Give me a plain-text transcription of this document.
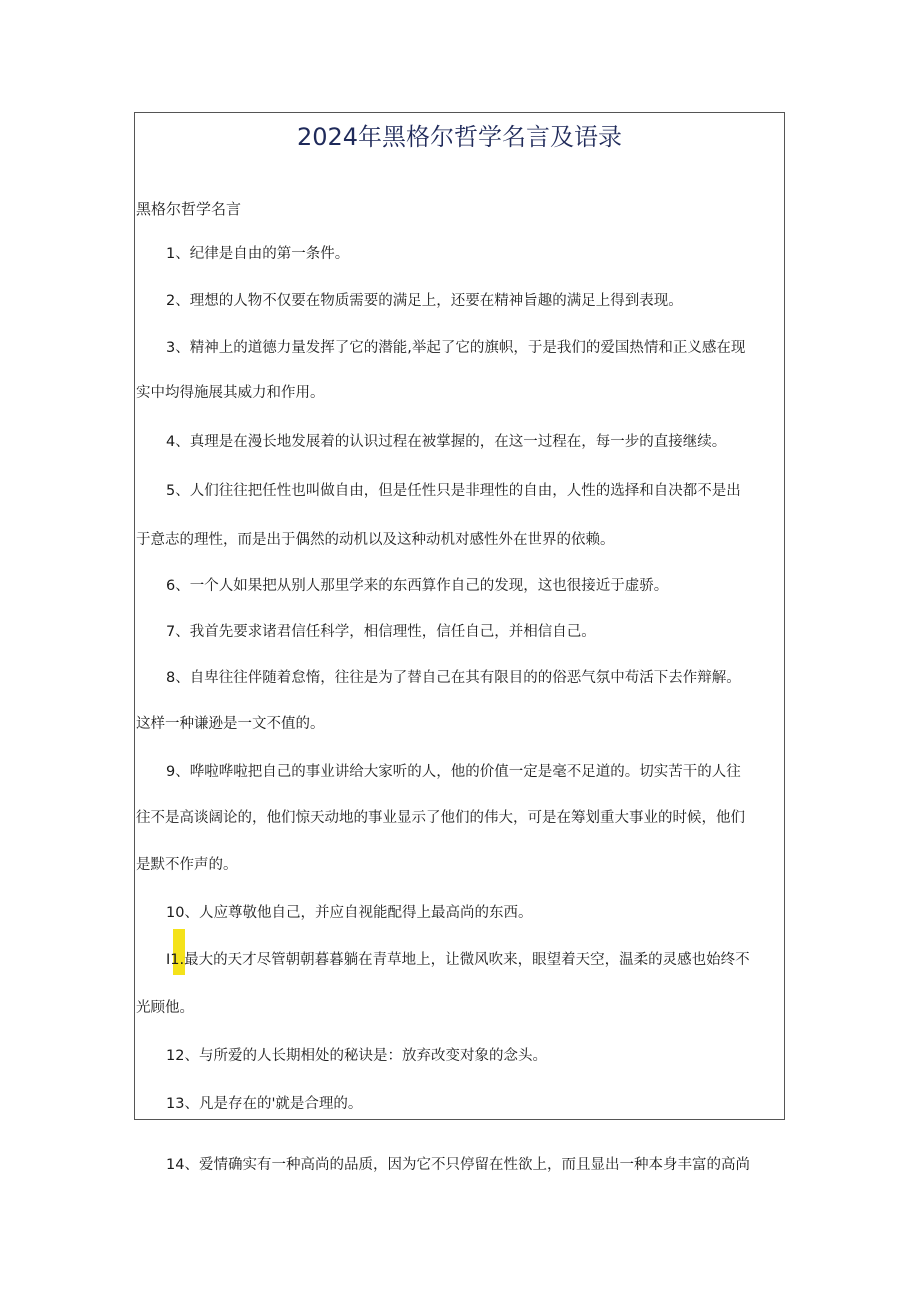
2024年黑格尔哲学名言及语录
黑格尔哲学名言
1、纪律是自由的第一条件。
2、理想的人物不仅要在物质需要的满足上，还要在精神旨趣的满足上得到表现。
3、精神上的道德力量发挥了它的潜能,举起了它的旗帜，于是我们的爱国热情和正义感在现
实中均得施展其威力和作用。
4、真理是在漫长地发展着的认识过程在被掌握的，在这一过程在，每一步的直接继续。
5、人们往往把任性也叫做自由，但是任性只是非理性的自由，人性的选择和自决都不是出
于意志的理性，而是出于偶然的动机以及这种动机对感性外在世界的依赖。
6、一个人如果把从别人那里学来的东西算作自己的发现，这也很接近于虚骄。
7、我首先要求诸君信任科学，相信理性，信任自己，并相信自己。
8、自卑往往伴随着怠惰，往往是为了替自己在其有限目的的俗恶气氛中苟活下去作辩解。
这样一种谦逊是一文不值的。
9、哗啦哗啦把自己的事业讲给大家听的人，他的价值一定是毫不足道的。切实苦干的人往
往不是高谈阔论的，他们惊天动地的事业显示了他们的伟大，可是在筹划重大事业的时候，他们
是默不作声的。
10、人应尊敬他自己，并应自视能配得上最高尚的东西。
I1.最大的天才尽管朝朝暮暮躺在青草地上，让微风吹来，眼望着天空，温柔的灵感也始终不
光顾他。
12、与所爱的人长期相处的秘诀是：放弃改变对象的念头。
13、凡是存在的'就是合理的。
14、爱情确实有一种高尚的品质，因为它不只停留在性欲上，而且显出一种本身丰富的高尚
